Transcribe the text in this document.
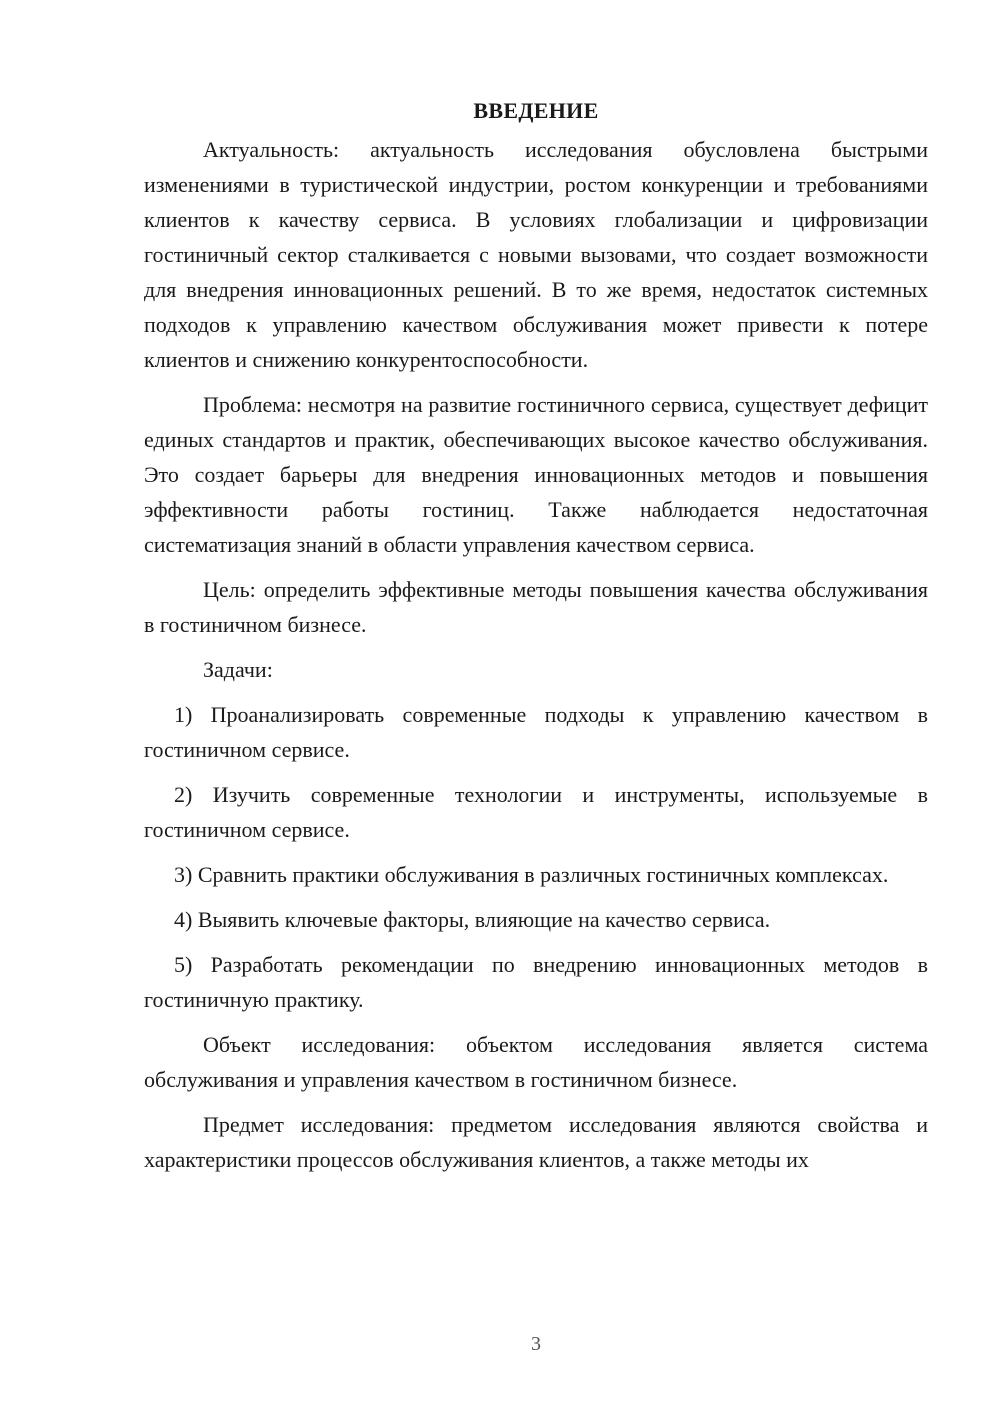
ВВЕДЕНИЕ

Актуальность: актуальность исследования обусловлена быстрыми изменениями в туристической индустрии, ростом конкуренции и требованиями клиентов к качеству сервиса. В условиях глобализации и цифровизации гостиничный сектор сталкивается с новыми вызовами, что создает возможности для внедрения инновационных решений. В то же время, недостаток системных подходов к управлению качеством обслуживания может привести к потере клиентов и снижению конкурентоспособности.

Проблема: несмотря на развитие гостиничного сервиса, существует дефицит единых стандартов и практик, обеспечивающих высокое качество обслуживания. Это создает барьеры для внедрения инновационных методов и повышения эффективности работы гостиниц. Также наблюдается недостаточная систематизация знаний в области управления качеством сервиса.

Цель: определить эффективные методы повышения качества обслуживания в гостиничном бизнесе.

Задачи:

1) Проанализировать современные подходы к управлению качеством в гостиничном сервисе.

2) Изучить современные технологии и инструменты, используемые в гостиничном сервисе.

3) Сравнить практики обслуживания в различных гостиничных комплексах.

4) Выявить ключевые факторы, влияющие на качество сервиса.

5) Разработать рекомендации по внедрению инновационных методов в гостиничную практику.

Объект исследования: объектом исследования является система обслуживания и управления качеством в гостиничном бизнесе.

Предмет исследования: предметом исследования являются свойства и характеристики процессов обслуживания клиентов, а также методы их

3
